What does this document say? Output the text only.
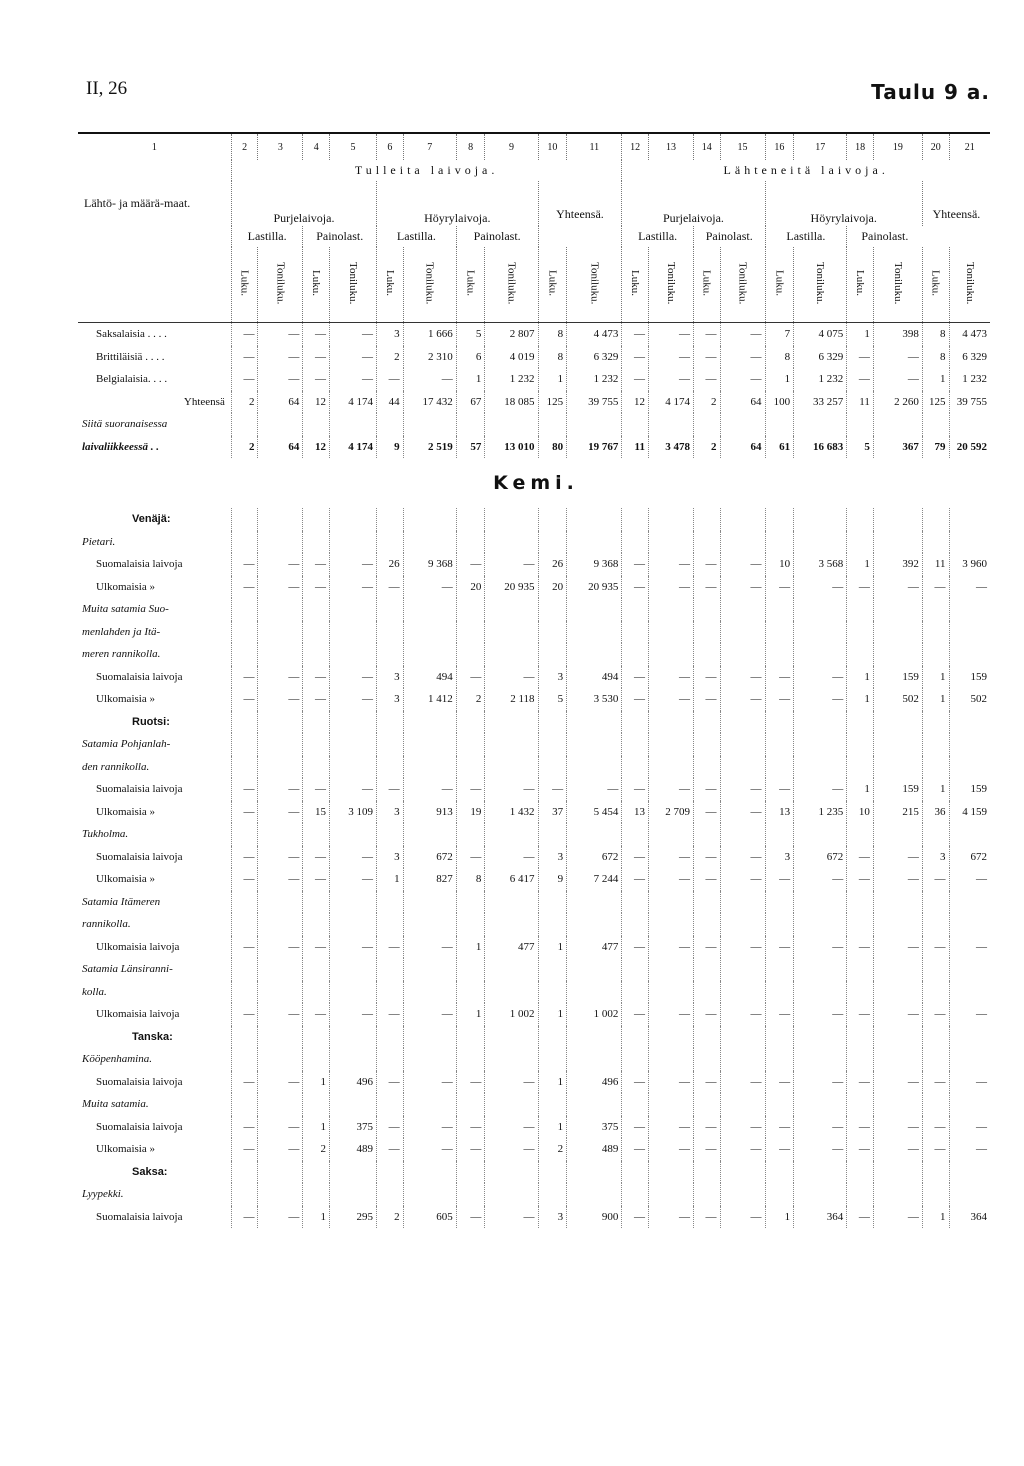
II, 26	Taulu 9 a.
1	2	3	4	5	6	7	8	9	10	11	12	13	14	15	16	17	18	19	20	21
Lähtö- ja määrä-maat.	Tulleita laivoja.										Lähteneitä laivoja.									
	Purjelaivoja.				Höyrylaivoja.				Yhteensä.		Purjelaivoja.				Höyrylaivoja.				Yhteensä.	
	Lastilla.		Painolast.		Lastilla.		Painolast.				Lastilla.		Painolast.		Lastilla.		Painolast.			
	Luku.	Toniluku.	Luku.	Toniluku.	Luku.	Toniluku.	Luku.	Toniluku.	Luku.	Toniluku.	Luku.	Toniluku.	Luku.	Toniluku.	Luku.	Toniluku.	Luku.	Toniluku.	Luku.	Toniluku.
Saksalaisia . . . .	—	—	—	—	3	1 666	5	2 807	8	4 473	—	—	—	—	7	4 075	1	398	8	4 473
Brittiläisiä . . . .	—	—	—	—	2	2 310	6	4 019	8	6 329	—	—	—	—	8	6 329	—	—	8	6 329
Belgialaisia. . . .	—	—	—	—	—	—	1	1 232	1	1 232	—	—	—	—	1	1 232	—	—	1	1 232
Yhteensä	2	64	12	4 174	44	17 432	67	18 085	125	39 755	12	4 174	2	64	100	33 257	11	2 260	125	39 755
Siitä suoranaisessa																				
laivaliikkeessä . .	2	64	12	4 174	9	2 519	57	13 010	80	19 767	11	3 478	2	64	61	16 683	5	367	79	20 592
Kemi.																				
Venäjä:																				
Pietari.																				
Suomalaisia laivoja	—	—	—	—	26	9 368	—	—	26	9 368	—	—	—	—	10	3 568	1	392	11	3 960
Ulkomaisia »	—	—	—	—	—	—	20	20 935	20	20 935	—	—	—	—	—	—	—	—	—	—
Muita satamia Suo-																				
menlahden ja Itä-																				
meren rannikolla.																				
Suomalaisia laivoja	—	—	—	—	3	494	—	—	3	494	—	—	—	—	—	—	1	159	1	159
Ulkomaisia »	—	—	—	—	3	1 412	2	2 118	5	3 530	—	—	—	—	—	—	1	502	1	502
Ruotsi:																				
Satamia Pohjanlah-																				
den rannikolla.																				
Suomalaisia laivoja	—	—	—	—	—	—	—	—	—	—	—	—	—	—	—	—	1	159	1	159
Ulkomaisia »	—	—	15	3 109	3	913	19	1 432	37	5 454	13	2 709	—	—	13	1 235	10	215	36	4 159
Tukholma.																				
Suomalaisia laivoja	—	—	—	—	3	672	—	—	3	672	—	—	—	—	3	672	—	—	3	672
Ulkomaisia »	—	—	—	—	1	827	8	6 417	9	7 244	—	—	—	—	—	—	—	—	—	—
Satamia Itämeren																				
rannikolla.																				
Ulkomaisia laivoja	—	—	—	—	—	—	1	477	1	477	—	—	—	—	—	—	—	—	—	—
Satamia Länsiranni-																				
kolla.																				
Ulkomaisia laivoja	—	—	—	—	—	—	1	1 002	1	1 002	—	—	—	—	—	—	—	—	—	—
Tanska:																				
Kööpenhamina.																				
Suomalaisia laivoja	—	—	1	496	—	—	—	—	1	496	—	—	—	—	—	—	—	—	—	—
Muita satamia.																				
Suomalaisia laivoja	—	—	1	375	—	—	—	—	1	375	—	—	—	—	—	—	—	—	—	—
Ulkomaisia »	—	—	2	489	—	—	—	—	2	489	—	—	—	—	—	—	—	—	—	—
Saksa:																				
Lyypekki.																				
Suomalaisia laivoja	—	—	1	295	2	605	—	—	3	900	—	—	—	—	1	364	—	—	1	364
